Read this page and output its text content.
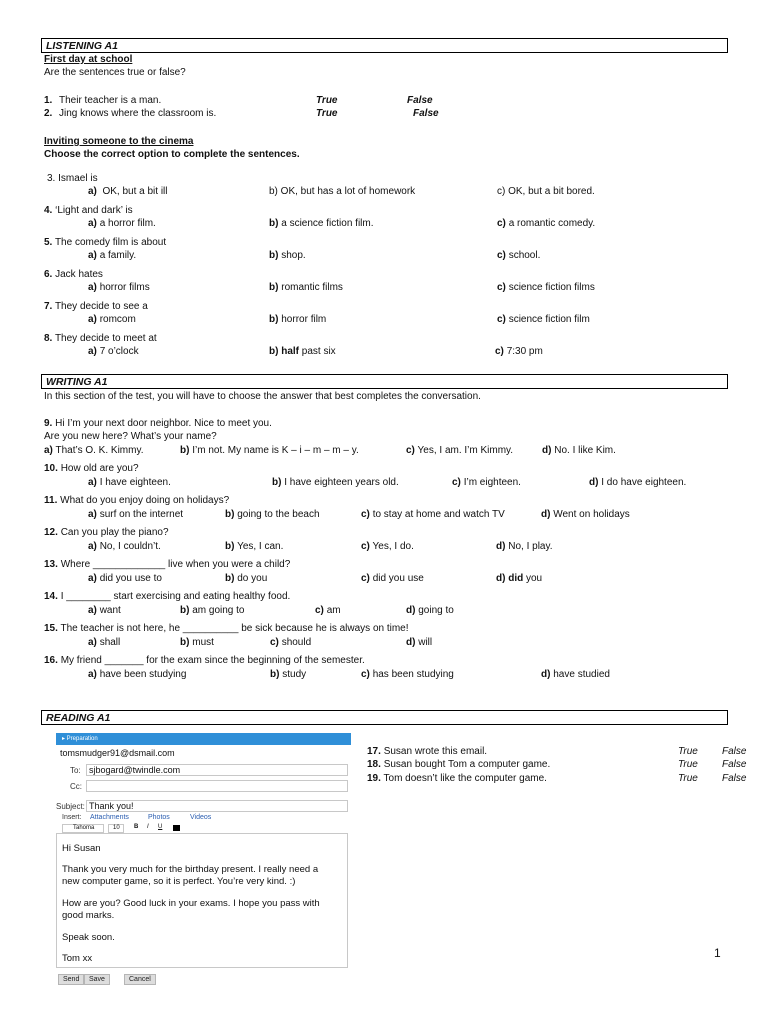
LISTENING A1
First day at school
Are the sentences true or false?
1. Their teacher is a man.	True	False
2. Jing knows where the classroom is.	True	False
Inviting someone to the cinema
Choose the correct option to complete the sentences.
3. Ismael is
a) OK, but a bit ill	b) OK, but has a lot of homework	c) OK, but a bit bored.
4. ‘Light and dark’ is
a) a horror film.	b) a science fiction film.	c) a romantic comedy.
5. The comedy film is about
a) a family.	b) shop.	c) school.
6. Jack hates
a) horror films	b) romantic films	c) science fiction films
7. They decide to see a
a) romcom	b) horror film	c) science fiction film
8. They decide to meet at
a) 7 o’clock	b) half past six	c) 7:30 pm
WRITING A1
In this section of the test, you will have to choose the answer that best completes the conversation.
9. Hi I’m your next door neighbor. Nice to meet you.
Are you new here? What’s your name?
a) That’s O. K. Kimmy.	b) I’m not. My name is K – i – m – m – y.	c) Yes, I am. I’m Kimmy.	d) No. I like Kim.
10. How old are you?
a) I have eighteen.	b) I have eighteen years old.	c) I’m eighteen.	d) I do have eighteen.
11. What do you enjoy doing on holidays?
a) surf on the internet	b) going to the beach	c) to stay at home and watch TV	d) Went on holidays
12. Can you play the piano?
a) No, I couldn’t.	b) Yes, I can.	c) Yes, I do.	d) No, I play.
13. Where _____________ live when you were a child?
a) did you use to	b) do you	c) did you use	d) did you
14. I ________ start exercising and eating healthy food.
a) want	b) am going to	c) am	d) going to
15. The teacher is not here, he __________ be sick because he is always on time!
a) shall	b) must	c) should	d) will
16. My friend _______ for the exam since the beginning of the semester.
a) have been studying	b) study	c) has been studying	d) have studied
READING A1
▸ Preparation
tomsmudger91@dsmail.com
To: sjbogard@twindle.com
Cc:
Subject: Thank you!
Insert: Attachments	Photos	Videos
Tahoma	10 B I U
Hi Susan
Thank you very much for the birthday present. I really need a
new computer game, so it is perfect. You’re very kind. :)
How are you? Good luck in your exams. I hope you pass with
good marks.
Speak soon.
Tom xx
Send	Save	Cancel
17. Susan wrote this email.	True False
18. Susan bought Tom a computer game.	True False
19. Tom doesn’t like the computer game.	True False
1
